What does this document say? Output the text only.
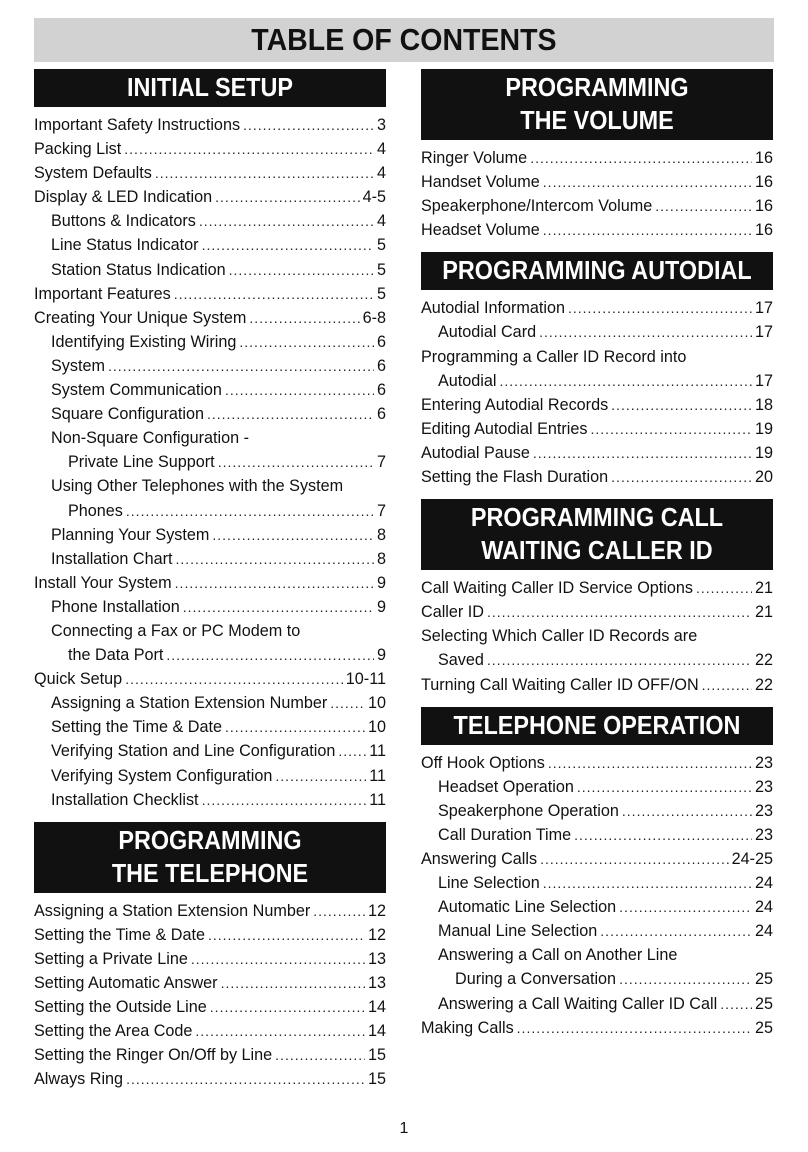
TABLE OF CONTENTS
INITIAL SETUP
Important Safety Instructions .....	3
Packing List .....	4
System Defaults .....	4
Display & LED Indication .....	4-5
Buttons & Indicators .....	4
Line Status Indicator .....	5
Station Status Indication .....	5
Important Features .....	5
Creating Your Unique System .....	6-8
Identifying Existing Wiring .....	6
System .....	6
System Communication .....	6
Square Configuration .....	6
Non-Square Configuration -
Private Line Support .....	7
Using Other Telephones with the System
Phones .....	7
Planning Your System .....	8
Installation Chart .....	8
Install Your System .....	9
Phone Installation .....	9
Connecting a Fax or PC Modem to
the Data Port .....	9
Quick Setup .....	10-11
Assigning a Station Extension Number .....	10
Setting the Time & Date .....	10
Verifying Station and Line Configuration ..... 11
Verifying System Configuration .....	11
Installation Checklist .....	11
PROGRAMMING
THE TELEPHONE
Assigning a Station Extension Number .....	12
Setting the Time & Date .....	12
Setting a Private Line .....	13
Setting Automatic Answer .....	13
Setting the Outside Line .....	14
Setting the Area Code .....	14
Setting the Ringer On/Off by Line .....	15
Always Ring .....	15
PROGRAMMING
THE VOLUME
Ringer Volume .....	16
Handset Volume .....	16
Speakerphone/Intercom Volume .....	16
Headset Volume .....	16
PROGRAMMING AUTODIAL
Autodial Information .....	17
Autodial Card .....	17
Programming a Caller ID Record into
Autodial .....	17
Entering Autodial Records .....	18
Editing Autodial Entries .....	19
Autodial Pause .....	19
Setting the Flash Duration .....	20
PROGRAMMING CALL
WAITING CALLER ID
Call Waiting Caller ID Service Options .....	21
Caller ID .....	21
Selecting Which Caller ID Records are
Saved .....	22
Turning Call Waiting Caller ID OFF/ON .....	22
TELEPHONE OPERATION
Off Hook Options .....	23
Headset Operation .....	23
Speakerphone Operation .....	23
Call Duration Time .....	23
Answering Calls .....	24-25
Line Selection .....	24
Automatic Line Selection .....	24
Manual Line Selection .....	24
Answering a Call on Another Line
During a Conversation .....	25
Answering a Call Waiting Caller ID Call ..... 25
Making Calls .....	25
1
